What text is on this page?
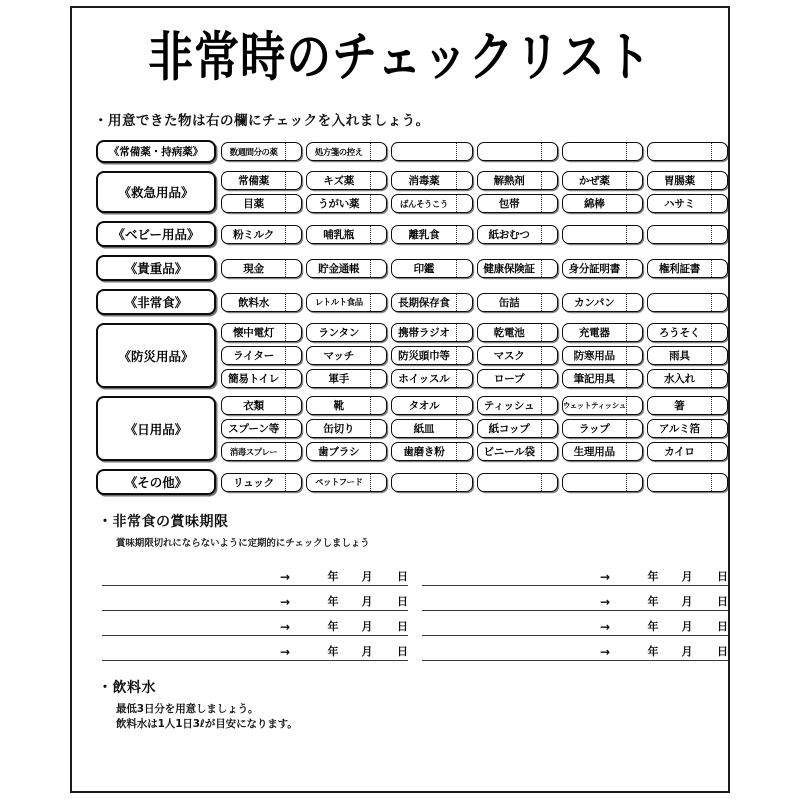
非常時のチェックリスト
・用意できた物は右の欄にチェックを入れましょう。
《常備薬・持病薬》	数週間分の薬	処方箋の控え
《救急用品》
常備薬	キズ薬	消毒薬	解熱剤	かぜ薬	胃腸薬
目薬	うがい薬	ばんそうこう	包帯	綿棒	ハサミ
《ベビー用品》	粉ミルク	哺乳瓶	離乳食	紙おむつ
《貴重品》	現金	貯金通帳	印鑑	健康保険証	身分証明書	権利証書
《非常食》	飲料水	レトルト食品	長期保存食	缶詰	カンパン
《防災用品》
懐中電灯	ランタン	携帯ラジオ	乾電池	充電器	ろうそく
ライター	マッチ	防災頭巾等	マスク	防寒用品	雨具
簡易トイレ	軍手	ホイッスル	ロープ	筆記用具	水入れ
《日用品》
衣類	靴	タオル	ティッシュ	ウェットティッシュ	箸
スプーン等	缶切り	紙皿	紙コップ	ラップ	アルミ箔
消毒スプレー	歯ブラシ	歯磨き粉	ビニール袋	生理用品	カイロ
《その他》	リュック	ペットフード
・非常食の賞味期限
賞味期限切れにならないように定期的にチェックしましょう
→	年	月	日
→	年	月	日
→	年	月	日
→	年	月	日
→	年	月	日
→	年	月	日
→	年	月	日
→	年	月	日
・飲料水
最低3日分を用意しましょう。
飲料水は1人1日3ℓが目安になります。
